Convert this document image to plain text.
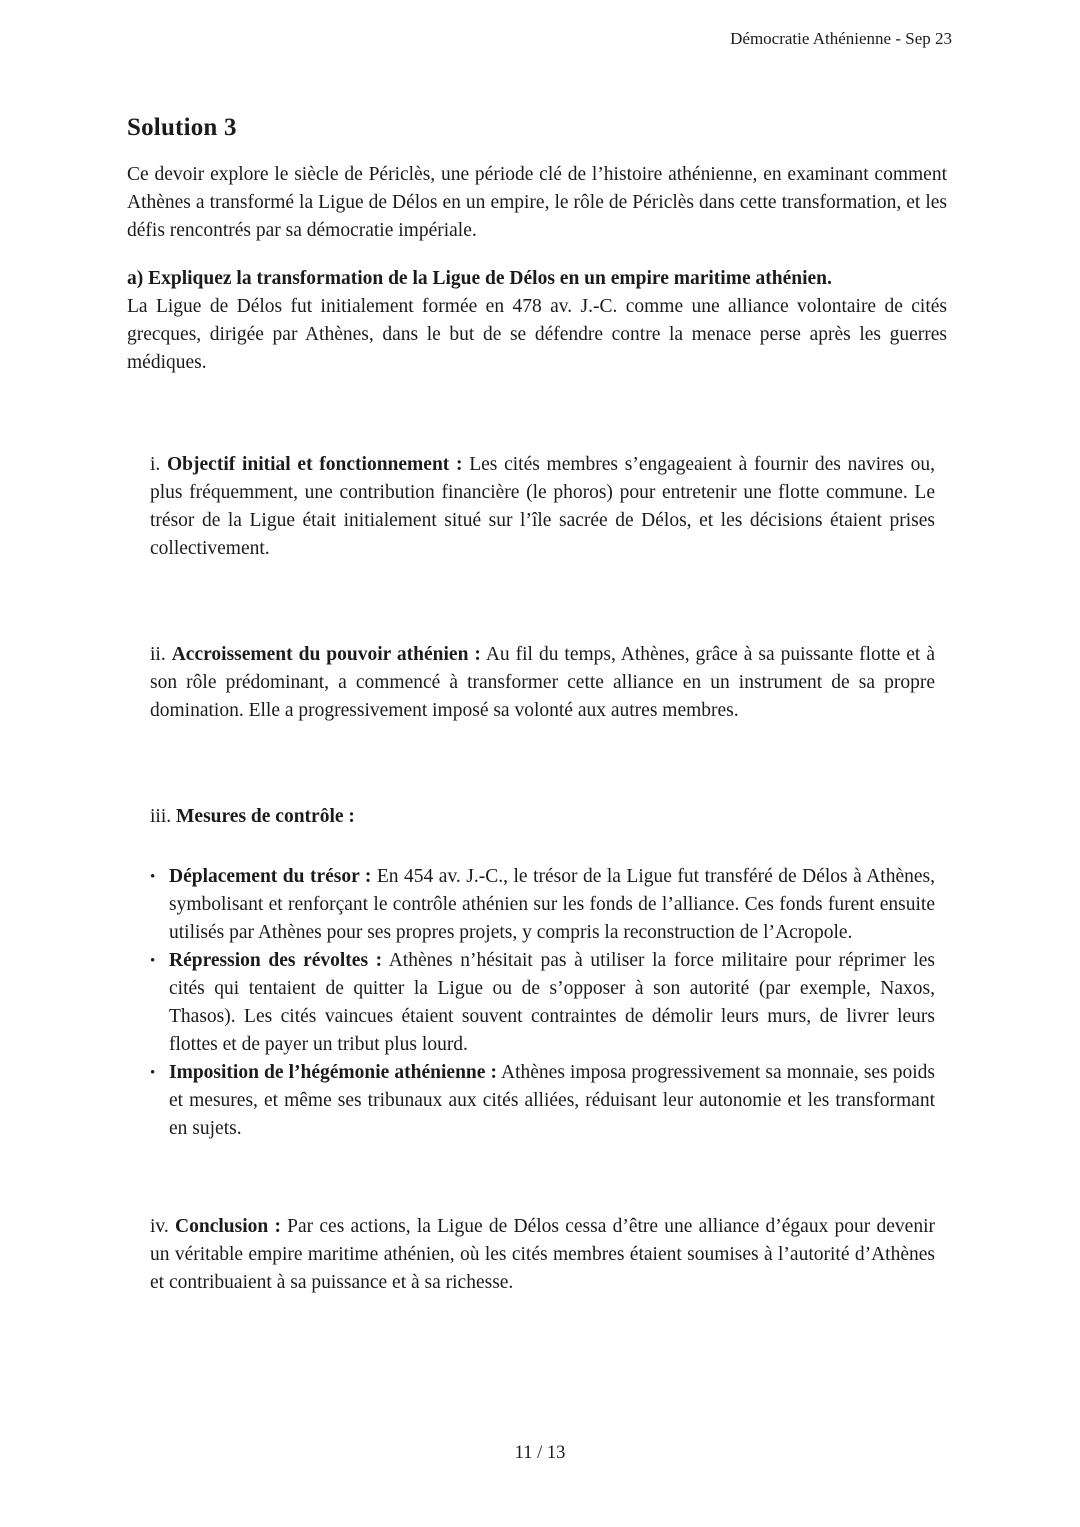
Démocratie Athénienne - Sep 23
Solution 3

Ce devoir explore le siècle de Périclès, une période clé de l’histoire athénienne, en examinant comment Athènes a transformé la Ligue de Délos en un empire, le rôle de Périclès dans cette transformation, et les défis rencontrés par sa démocratie impériale.

a) Expliquez la transformation de la Ligue de Délos en un empire maritime athénien.

La Ligue de Délos fut initialement formée en 478 av. J.-C. comme une alliance volontaire de cités grecques, dirigée par Athènes, dans le but de se défendre contre la menace perse après les guerres médiques.

i. Objectif initial et fonctionnement : Les cités membres s’engageaient à fournir des navires ou, plus fréquemment, une contribution financière (le phoros) pour entretenir une flotte commune. Le trésor de la Ligue était initialement situé sur l’île sacrée de Délos, et les décisions étaient prises collectivement.

ii. Accroissement du pouvoir athénien : Au fil du temps, Athènes, grâce à sa puissante flotte et à son rôle prédominant, a commencé à transformer cette alliance en un instrument de sa propre domination. Elle a progressivement imposé sa volonté aux autres membres.

iii. Mesures de contrôle :

• Déplacement du trésor : En 454 av. J.-C., le trésor de la Ligue fut transféré de Délos à Athènes, symbolisant et renforçant le contrôle athénien sur les fonds de l’alliance. Ces fonds furent ensuite utilisés par Athènes pour ses propres projets, y compris la reconstruction de l’Acropole.
• Répression des révoltes : Athènes n’hésitait pas à utiliser la force militaire pour réprimer les cités qui tentaient de quitter la Ligue ou de s’opposer à son autorité (par exemple, Naxos, Thasos). Les cités vaincues étaient souvent contraintes de démolir leurs murs, de livrer leurs flottes et de payer un tribut plus lourd.
• Imposition de l’hégémonie athénienne : Athènes imposa progressivement sa monnaie, ses poids et mesures, et même ses tribunaux aux cités alliées, réduisant leur autonomie et les transformant en sujets.

iv. Conclusion : Par ces actions, la Ligue de Délos cessa d’être une alliance d’égaux pour devenir un véritable empire maritime athénien, où les cités membres étaient soumises à l’autorité d’Athènes et contribuaient à sa puissance et à sa richesse.

11 / 13
